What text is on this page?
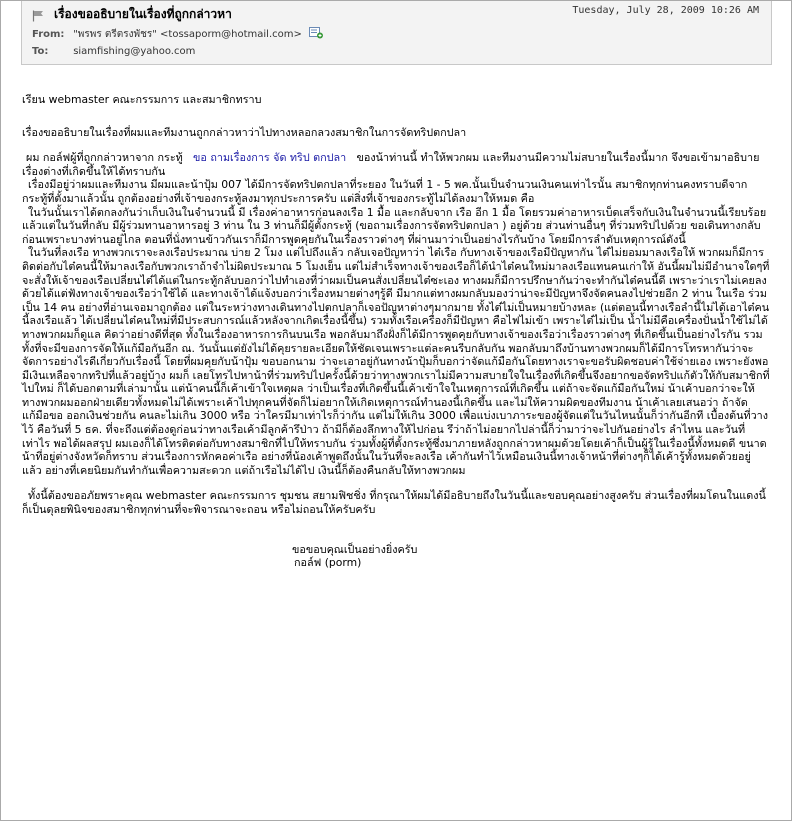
เรื่องขออธิบายในเรื่องที่ถูกกล่าวหา	Tuesday, July 28, 2009 10:26 AM
From: "พรพร ตรีตรงพัชร" <tossaporm@hotmail.com>
To: siamfishing@yahoo.com

เรียน webmaster คณะกรรมการ และสมาชิกทราบ

เรื่องขออธิบายในเรื่องที่ผมและทีมงานถูกกล่าวหาว่าไปทางหลอกลวงสมาชิกในการจัดทริปตกปลา

ผม กอล์ฟผู้ที่ถูกกล่าวหาจาก กระทู้ ขอ ถามเรื่องการ จัด ทริป ตกปลา ของน้าท่านนี้ ทำให้พวกผม และทีมงานมีความไม่สบายในเรื่องนี้มาก จึงขอเข้ามาอธิบายเรื่องต่างที่เกิดขึ้นให้ได้ทราบกัน

เรื่องมีอยู่ว่าผมและทีมงาน มีผมและน้าปุ้ม 007 ได้มีการจัดทริปตกปลาที่ระยอง ในวันที่ 1 - 5 พค.นั้นเป็นจำนวนเงินคนเท่าไรนั้น สมาชิกทุกท่านคงทราบดีจากกระทู้ที่ตั้งมาแล้วนั้น ถูกต้องอย่างที่เจ้าของกระทู้ลงมาทุกประการครับ แต่สิ่งที่เจ้าของกระทู้ไม่ได้ลงมาให้หมด คือ

ในวันนั้นเราได้ตกลงกันว่าเก็บเงินในจำนวนนี้ มี เรื่องค่าอาหารก่อนลงเรือ 1 มื้อ และกลับจาก เรือ อีก 1 มื้อ โดยรวมค่าอาหารเบ็ดเสร็จกับเงินในจำนวนนี้เรียบร้อยแล้วแต่ในวันที่กลับ มีผู้ร่วมทานอาหารอยู่ 3 ท่าน ใน 3 ท่านก็มีผู้ตั้งกระทู้ (ขอถามเรื่องการจัดทริปตกปลา ) อยู่ด้วย ส่วนท่านอื่นๆ ที่ร่วมทริปไปด้วย ขอเดินทางกลับก่อนเพราะบางท่านอยู่ไกล ตอนที่นั่งทานข้าวกันเราก็มีการพูดคุยกันในเรื่องราวต่างๆ ที่ผ่านมาว่าเป็นอย่างไรกันบ้าง โดยมีการลำดับเหตุการณ์ดังนี้

ในวันที่ลงเรือ ทางพวกเราจะลงเรือประมาณ บ่าย 2 โมง แต่ไปถึงแล้ว กลับเจอปัญหาว่า ไต๋เรือ กับทางเจ้าของเรือมีปัญหากัน ไต๋ไม่ยอมมาลงเรือให้ พวกผมก็มีการติดต่อกับไต๋คนนี้ให้มาลงเรือกับพวกเราถ้าจำไม่ผิดประมาณ 5 โมงเย็น แต่ไม่สำเร็จทางเจ้าของเรือก็ได้นำไต๋คนใหม่มาลงเรือแทนคนเก่าให้ อันนี้ผมไม่มีอำนาจใดๆที่จะสั่งให้เจ้าของเรือเปลี่ยนไต๋ได้แต่ในกระทู้กลับบอกว่าไปทำเองที่ว่าผมเป็นคนสั่งเปลี่ยนไต๋ซะเอง ทางผมก็มีการปรึกษากันว่าจะทำกันไต๋คนนี้ดี เพราะว่าเราไม่เคยลงด้วยได้แต่ฟังทางเจ้าของเรือว่าใช้ได้ และทางเจ้าได้แจ้งบอกว่าเรื่องหมายต่างๆรู้ดี มีมากแต่ทางผมกลับมองว่าน่าจะมีปัญหาจึงจัดคนลงไปช่วยอีก 2 ท่าน ในเรือ ร่วมเป็น 14 คน อย่างที่อ่านเจอมาถูกต้อง แต่ในระหว่างทางเดินทางไปตกปลาก็เจอปัญหาต่างๆมากมาย ทั้งไต๋ไม่เป็นหมายบ้างหละ (แต่ตอนนี้ทางเรือลำนี้ไม่ได้เอาไต๋คนนี้ลงเรือแล้ว ได้เปลี่ยนไต๋คนใหม่ที่มีประสบการณ์แล้วหลังจากเกิดเรื่องนี้ขึ้น) รวมทั้งเรือเครื่องก็มีปัญหา คือไฟไม่เข้า เพราะไต๋ไม่เป็น น้ำไม่มีคือเครื่องปั่นน้ำใช้ไม่ได้ทางพวกผมก็ดูแล คิดว่าอย่างดีที่สุด ทั้งในเรื่องอาหารการกินบนเรือ พอกลับมาถึงฝั่งก็ได้มีการพูดคุยกับทางเจ้าของเรือว่าเรื่องราวต่างๆ ที่เกิดขึ้นเป็นอย่างไรกัน รวมทั้งที่จะมีของการจัดให้แก้มือกันอีก ณ. วันนั้นแต่ยังไม่ได้คุยรายละเอียดให้ชัดเจนเพราะแต่ละคนรีบกลับกัน พอกลับมาถึงบ้านทางพวกผมก็ได้มีการโทรหากันว่าจะจัดการอย่างไรดีเกี่ยวกับเรื่องนี้ โดยที่ผมคุยกับน้าปุ้ม ขอบอกนาม ว่าจะเอาอยู่กันทางน้าปุ้มก็บอกว่าจัดแก้มือกันโดยทางเราจะขอรับผิดชอบค่าใช้จ่ายเอง เพราะยังพอมีเงินเหลือจากทริปที่แล้วอยู่บ้าง ผมก็ เลยโทรไปหาน้าที่ร่วมทริปไปครั้งนี้ด้วยว่าทางพวกเราไม่มีความสบายใจในเรื่องที่เกิดขึ้นจึงอยากขอจัดทริปแก้ตัวให้กับสมาชิกที่ไปใหม่ ก็ได้บอกตามที่เล่ามานั้น แต่น้าคนนี้ก็เค้าเข้าใจเหตุผล ว่าเป็นเรื่องที่เกิดขึ้นนี้เค้าเข้าใจในเหตุการณ์ที่เกิดขึ้น แต่ถ้าจะจัดแก้มือกันใหม่ น้าเค้าบอกว่าจะให้ทางพวกผมออกฝ่ายเดียวทั้งหมดไม่ได้เพราะเค้าไปทุกคนที่จัดก็ไม่อยากให้เกิดเหตุการณ์ทำนองนี้เกิดขึ้น และไม่ให้ความผิดของทีมงาน น้าเค้าเลยเสนอว่า ถ้าจัดแก้มือขอ ออกเงินช่วยกัน คนละไม่เกิน 3000 หรือ ว่าใครมีมาเท่าไรก็ว่ากัน แต่ไม่ให้เกิน 3000 เพื่อแบ่งเบาภาระของผู้จัดแต่ในวันไหนนั้นก็ว่ากันอีกที เบื้องต้นที่วางไว้ คือวันที่ 5 ธค. ที่จะถึงแต่ต้องดูก่อนว่าทางเรือเค้ามีลูกค้ารึป่าว ถ้ามีก็ต้องลึกทางให้ไปก่อน รึว่าถ้าไม่อยากไปล่านี้ก็ว่ามาว่าจะไปกันอย่างไร ลำไหน และวันที่เท่าไร พอได้ผลสรุป ผมเองก็ได้โทรติดต่อกับทางสมาชิกที่ไปให้ทราบกัน ร่วมทั้งผู้ที่ตั้งกระทู้ซึ่งมาภายหลังถูกกล่าวหาผมด้วยโดยเค้าก็เป็นผู้รู้ในเรื่องนี้ทั้งหมดดี ขนาดน้าที่อยู่ต่างจังหวัดก็ทราบ ส่วนเรื่องการหักคอค่าเรือ อย่างที่น้องเค้าพูดถึงนั้นในวันที่จะลงเรือ เค้ากันทำไว้เหมือนเงินนี้ทางเจ้าหน้าที่ต่างๆก็ได้เค้ารู้ทั้งหมดด้วยอยู่แล้ว อย่างที่เคยนิยมกันทำกันเพื่อความสะดวก แต่ถ้าเรือไม่ได้ไป เงินนี้ก็ต้องคืนกลับให้ทางพวกผม

ทั้งนี้ต้องขออภัยพราะคุณ webmaster คณะกรรมการ ชุมชน สยามฟิชชิ่ง ที่กรุณาให้ผมได้มีอธิบายถึงในวันนี้และขอบคุณอย่างสูงครับ ส่วนเรื่องที่ผมโดนในแดงนี้ก็เป็นดุลยพินิจของสมาชิกทุกท่านที่จะพิจารณาจะถอน หรือไม่ถอนให้ครับครับ

ขอขอบคุณเป็นอย่างยิ่งครับ

กอล์ฟ (porm)
